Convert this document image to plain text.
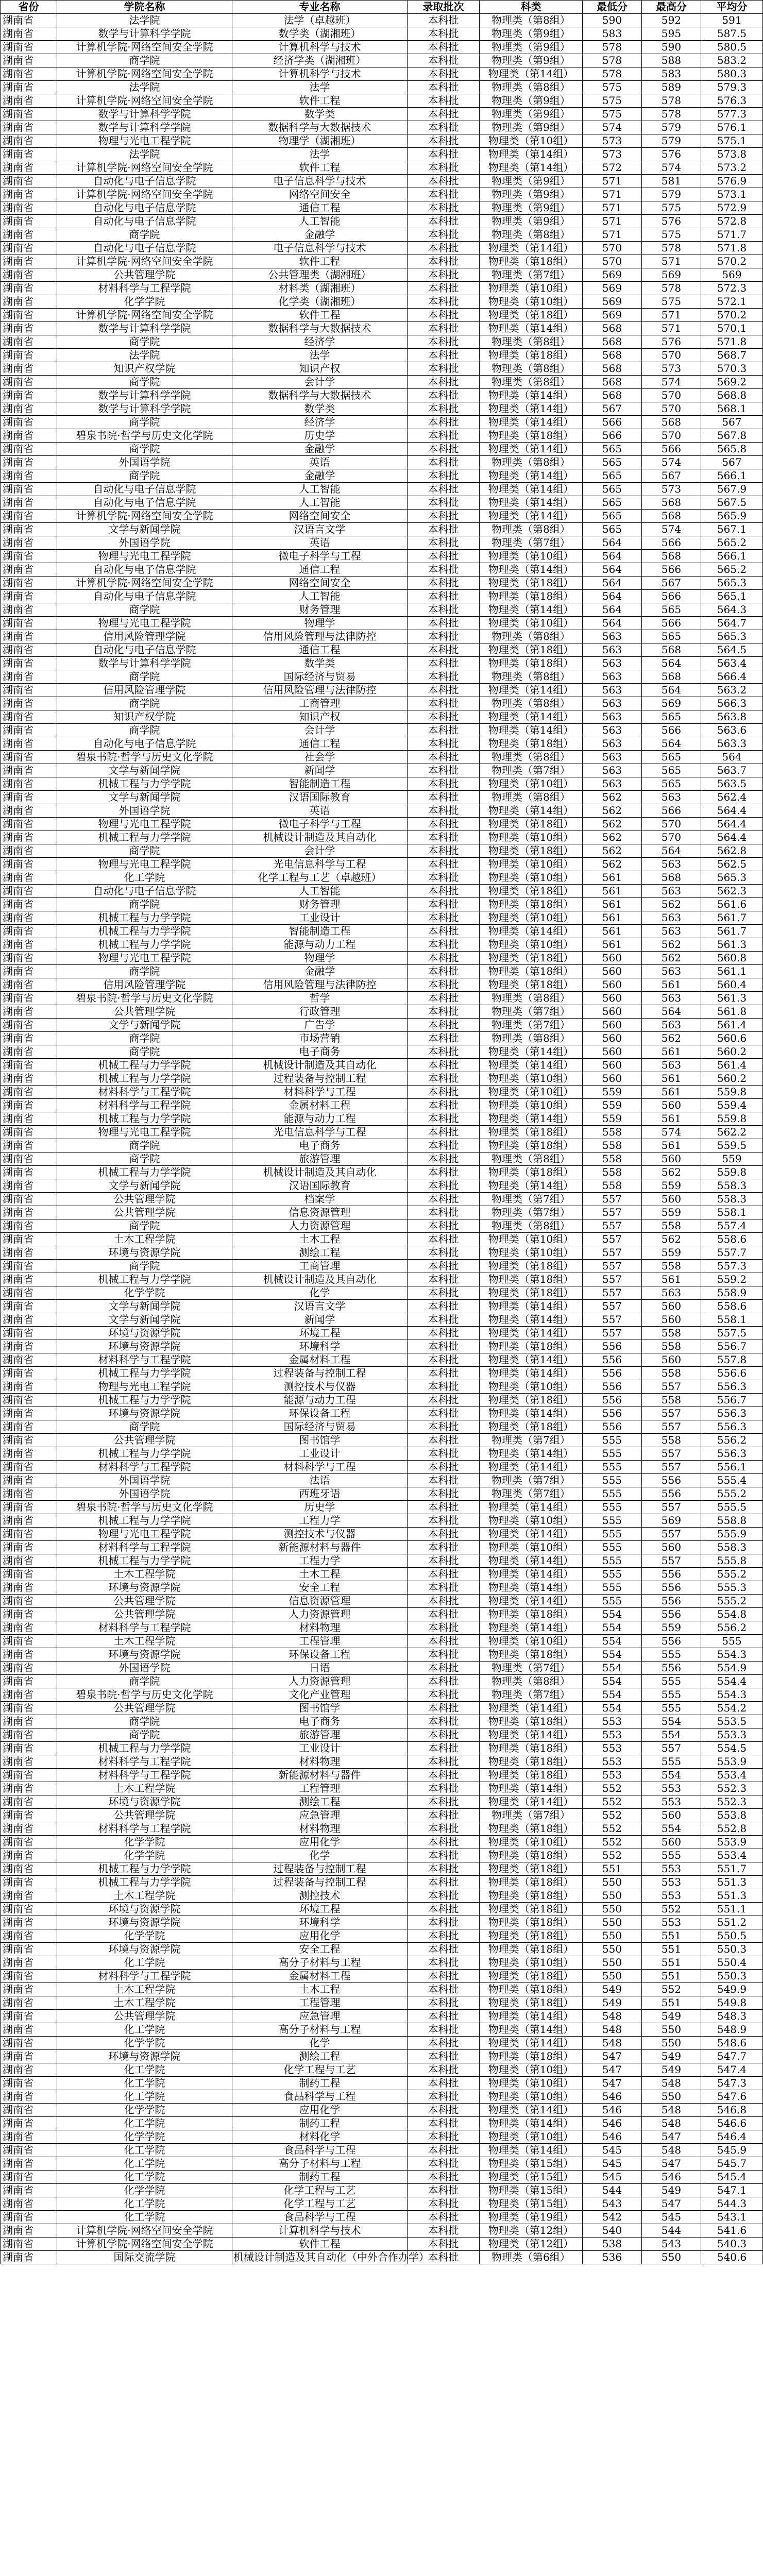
省份	学院名称	专业名称	录取批次	科类	最低分	最高分	平均分
湖南省	法学院	法学（卓越班）	本科批	物理类（第8组）	590	592	591
湖南省	数学与计算科学学院	数学类（湖湘班）	本科批	物理类（第9组）	583	595	587.5
湖南省	计算机学院·网络空间安全学院	计算机科学与技术	本科批	物理类（第9组）	578	590	580.5
湖南省	商学院	经济学类（湖湘班）	本科批	物理类（第9组）	578	588	583.2
湖南省	计算机学院·网络空间安全学院	计算机科学与技术	本科批	物理类（第14组）	578	583	580.3
湖南省	法学院	法学	本科批	物理类（第8组）	575	589	579.3
湖南省	计算机学院·网络空间安全学院	软件工程	本科批	物理类（第9组）	575	578	576.3
湖南省	数学与计算科学学院	数学类	本科批	物理类（第9组）	575	578	577.3
湖南省	数学与计算科学学院	数据科学与大数据技术	本科批	物理类（第9组）	574	579	576.1
湖南省	物理与光电工程学院	物理学（湖湘班）	本科批	物理类（第10组）	573	579	575.1
湖南省	法学院	法学	本科批	物理类（第14组）	573	576	573.8
湖南省	计算机学院·网络空间安全学院	软件工程	本科批	物理类（第14组）	572	574	573.2
湖南省	自动化与电子信息学院	电子信息科学与技术	本科批	物理类（第9组）	571	581	576.9
湖南省	计算机学院·网络空间安全学院	网络空间安全	本科批	物理类（第9组）	571	579	573.1
湖南省	自动化与电子信息学院	通信工程	本科批	物理类（第9组）	571	575	572.9
湖南省	自动化与电子信息学院	人工智能	本科批	物理类（第9组）	571	576	572.8
湖南省	商学院	金融学	本科批	物理类（第8组）	571	575	571.7
湖南省	自动化与电子信息学院	电子信息科学与技术	本科批	物理类（第14组）	570	578	571.8
湖南省	计算机学院·网络空间安全学院	软件工程	本科批	物理类（第18组）	570	571	570.2
湖南省	公共管理学院	公共管理类（湖湘班）	本科批	物理类（第7组）	569	569	569
湖南省	材料科学与工程学院	材料类（湖湘班）	本科批	物理类（第10组）	569	578	572.3
湖南省	化学学院	化学类（湖湘班）	本科批	物理类（第10组）	569	575	572.1
湖南省	计算机学院·网络空间安全学院	软件工程	本科批	物理类（第18组）	569	571	570.2
湖南省	数学与计算科学学院	数据科学与大数据技术	本科批	物理类（第14组）	568	571	570.1
湖南省	商学院	经济学	本科批	物理类（第8组）	568	576	571.8
湖南省	法学院	法学	本科批	物理类（第18组）	568	570	568.7
湖南省	知识产权学院	知识产权	本科批	物理类（第8组）	568	573	570.3
湖南省	商学院	会计学	本科批	物理类（第8组）	568	574	569.2
湖南省	数学与计算科学学院	数据科学与大数据技术	本科批	物理类（第14组）	568	570	568.8
湖南省	数学与计算科学学院	数学类	本科批	物理类（第14组）	567	570	568.1
湖南省	商学院	经济学	本科批	物理类（第14组）	566	568	567
湖南省	碧泉书院·哲学与历史文化学院	历史学	本科批	物理类（第18组）	566	570	567.8
湖南省	商学院	金融学	本科批	物理类（第14组）	565	566	565.8
湖南省	外国语学院	英语	本科批	物理类（第8组）	565	574	567
湖南省	商学院	金融学	本科批	物理类（第14组）	565	567	566.1
湖南省	自动化与电子信息学院	人工智能	本科批	物理类（第14组）	565	573	567.9
湖南省	自动化与电子信息学院	人工智能	本科批	物理类（第14组）	565	568	567.5
湖南省	计算机学院·网络空间安全学院	网络空间安全	本科批	物理类（第14组）	565	568	565.9
湖南省	文学与新闻学院	汉语言文学	本科批	物理类（第8组）	565	574	567.1
湖南省	外国语学院	英语	本科批	物理类（第7组）	564	566	565.2
湖南省	物理与光电工程学院	微电子科学与工程	本科批	物理类（第10组）	564	568	566.1
湖南省	自动化与电子信息学院	通信工程	本科批	物理类（第14组）	564	566	565.2
湖南省	计算机学院·网络空间安全学院	网络空间安全	本科批	物理类（第18组）	564	567	565.3
湖南省	自动化与电子信息学院	人工智能	本科批	物理类（第18组）	564	566	565.1
湖南省	商学院	财务管理	本科批	物理类（第14组）	564	565	564.3
湖南省	物理与光电工程学院	物理学	本科批	物理类（第10组）	564	566	564.7
湖南省	信用风险管理学院	信用风险管理与法律防控	本科批	物理类（第8组）	563	565	565.3
湖南省	自动化与电子信息学院	通信工程	本科批	物理类（第18组）	563	568	564.5
湖南省	数学与计算科学学院	数学类	本科批	物理类（第18组）	563	564	563.4
湖南省	商学院	国际经济与贸易	本科批	物理类（第8组）	563	568	566.4
湖南省	信用风险管理学院	信用风险管理与法律防控	本科批	物理类（第14组）	563	564	563.2
湖南省	商学院	工商管理	本科批	物理类（第8组）	563	569	566.3
湖南省	知识产权学院	知识产权	本科批	物理类（第14组）	563	565	563.8
湖南省	商学院	会计学	本科批	物理类（第14组）	563	566	563.6
湖南省	自动化与电子信息学院	通信工程	本科批	物理类（第18组）	563	564	563.3
湖南省	碧泉书院·哲学与历史文化学院	社会学	本科批	物理类（第8组）	563	565	564
湖南省	文学与新闻学院	新闻学	本科批	物理类（第7组）	563	565	563.7
湖南省	机械工程与力学学院	智能制造工程	本科批	物理类（第10组）	563	565	563.5
湖南省	文学与新闻学院	汉语国际教育	本科批	物理类（第8组）	562	563	562.4
湖南省	外国语学院	英语	本科批	物理类（第14组）	562	566	564.4
湖南省	物理与光电工程学院	微电子科学与工程	本科批	物理类（第18组）	562	570	564.4
湖南省	机械工程与力学学院	机械设计制造及其自动化	本科批	物理类（第10组）	562	570	564.4
湖南省	商学院	会计学	本科批	物理类（第18组）	562	564	562.8
湖南省	物理与光电工程学院	光电信息科学与工程	本科批	物理类（第10组）	562	563	562.5
湖南省	化工学院	化学工程与工艺（卓越班）	本科批	物理类（第10组）	561	568	565.3
湖南省	自动化与电子信息学院	人工智能	本科批	物理类（第18组）	561	563	562.3
湖南省	商学院	财务管理	本科批	物理类（第18组）	561	562	561.6
湖南省	机械工程与力学学院	工业设计	本科批	物理类（第10组）	561	563	561.7
湖南省	机械工程与力学学院	智能制造工程	本科批	物理类（第14组）	561	563	561.7
湖南省	机械工程与力学学院	能源与动力工程	本科批	物理类（第10组）	561	562	561.3
湖南省	物理与光电工程学院	物理学	本科批	物理类（第18组）	560	562	560.8
湖南省	商学院	金融学	本科批	物理类（第18组）	560	563	561.1
湖南省	信用风险管理学院	信用风险管理与法律防控	本科批	物理类（第18组）	560	561	560.4
湖南省	碧泉书院·哲学与历史文化学院	哲学	本科批	物理类（第8组）	560	563	561.3
湖南省	公共管理学院	行政管理	本科批	物理类（第7组）	560	564	561.8
湖南省	文学与新闻学院	广告学	本科批	物理类（第7组）	560	563	561.4
湖南省	商学院	市场营销	本科批	物理类（第8组）	560	562	560.6
湖南省	商学院	电子商务	本科批	物理类（第14组）	560	561	560.2
湖南省	机械工程与力学学院	机械设计制造及其自动化	本科批	物理类（第14组）	560	563	561.4
湖南省	机械工程与力学学院	过程装备与控制工程	本科批	物理类（第10组）	560	561	560.2
湖南省	材料科学与工程学院	材料科学与工程	本科批	物理类（第10组）	559	561	559.8
湖南省	材料科学与工程学院	金属材料工程	本科批	物理类（第10组）	559	560	559.4
湖南省	机械工程与力学学院	能源与动力工程	本科批	物理类（第14组）	559	561	559.8
湖南省	物理与光电工程学院	光电信息科学与工程	本科批	物理类（第18组）	558	574	562.2
湖南省	商学院	电子商务	本科批	物理类（第18组）	558	561	559.5
湖南省	商学院	旅游管理	本科批	物理类（第8组）	558	560	559
湖南省	机械工程与力学学院	机械设计制造及其自动化	本科批	物理类（第18组）	558	562	559.8
湖南省	文学与新闻学院	汉语国际教育	本科批	物理类（第14组）	558	559	558.3
湖南省	公共管理学院	档案学	本科批	物理类（第7组）	557	560	558.3
湖南省	公共管理学院	信息资源管理	本科批	物理类（第7组）	557	559	558.1
湖南省	商学院	人力资源管理	本科批	物理类（第8组）	557	558	557.4
湖南省	土木工程学院	土木工程	本科批	物理类（第10组）	557	562	558.6
湖南省	环境与资源学院	测绘工程	本科批	物理类（第10组）	557	559	557.7
湖南省	商学院	工商管理	本科批	物理类（第18组）	557	558	557.3
湖南省	机械工程与力学学院	机械设计制造及其自动化	本科批	物理类（第18组）	557	561	559.2
湖南省	化学学院	化学	本科批	物理类（第18组）	557	563	558.9
湖南省	文学与新闻学院	汉语言文学	本科批	物理类（第14组）	557	560	558.6
湖南省	文学与新闻学院	新闻学	本科批	物理类（第14组）	557	560	558.1
湖南省	环境与资源学院	环境工程	本科批	物理类（第14组）	557	558	557.5
湖南省	环境与资源学院	环境科学	本科批	物理类（第18组）	556	558	556.7
湖南省	材料科学与工程学院	金属材料工程	本科批	物理类（第14组）	556	560	557.8
湖南省	机械工程与力学学院	过程装备与控制工程	本科批	物理类（第14组）	556	558	556.6
湖南省	物理与光电工程学院	测控技术与仪器	本科批	物理类（第10组）	556	557	556.3
湖南省	机械工程与力学学院	能源与动力工程	本科批	物理类（第18组）	556	558	556.7
湖南省	环境与资源学院	环保设备工程	本科批	物理类（第14组）	556	557	556.3
湖南省	商学院	国际经济与贸易	本科批	物理类（第18组）	556	557	556.3
湖南省	公共管理学院	图书馆学	本科批	物理类（第7组）	555	558	556.2
湖南省	机械工程与力学学院	工业设计	本科批	物理类（第14组）	555	557	556.3
湖南省	材料科学与工程学院	材料科学与工程	本科批	物理类（第14组）	555	557	556.1
湖南省	外国语学院	法语	本科批	物理类（第7组）	555	556	555.4
湖南省	外国语学院	西班牙语	本科批	物理类（第7组）	555	556	555.2
湖南省	碧泉书院·哲学与历史文化学院	历史学	本科批	物理类（第14组）	555	557	555.5
湖南省	机械工程与力学学院	工程力学	本科批	物理类（第10组）	555	569	558.8
湖南省	物理与光电工程学院	测控技术与仪器	本科批	物理类（第14组）	555	557	555.9
湖南省	材料科学与工程学院	新能源材料与器件	本科批	物理类（第10组）	555	560	558.3
湖南省	机械工程与力学学院	工程力学	本科批	物理类（第14组）	555	557	555.8
湖南省	土木工程学院	土木工程	本科批	物理类（第14组）	555	556	555.2
湖南省	环境与资源学院	安全工程	本科批	物理类（第14组）	555	556	555.3
湖南省	公共管理学院	信息资源管理	本科批	物理类（第14组）	555	556	555.2
湖南省	公共管理学院	人力资源管理	本科批	物理类（第18组）	554	556	554.8
湖南省	材料科学与工程学院	材料物理	本科批	物理类（第14组）	554	559	556.2
湖南省	土木工程学院	工程管理	本科批	物理类（第10组）	554	556	555
湖南省	环境与资源学院	环保设备工程	本科批	物理类（第18组）	554	555	554.3
湖南省	外国语学院	日语	本科批	物理类（第7组）	554	556	554.9
湖南省	商学院	人力资源管理	本科批	物理类（第8组）	554	555	554.4
湖南省	碧泉书院·哲学与历史文化学院	文化产业管理	本科批	物理类（第7组）	554	555	554.3
湖南省	公共管理学院	图书馆学	本科批	物理类（第14组）	554	555	554.2
湖南省	商学院	电子商务	本科批	物理类（第18组）	553	554	553.5
湖南省	商学院	旅游管理	本科批	物理类（第14组）	553	554	553.3
湖南省	机械工程与力学学院	工业设计	本科批	物理类（第18组）	553	557	554.5
湖南省	材料科学与工程学院	材料物理	本科批	物理类（第18组）	553	555	553.9
湖南省	材料科学与工程学院	新能源材料与器件	本科批	物理类（第18组）	553	554	553.4
湖南省	土木工程学院	工程管理	本科批	物理类（第14组）	552	553	552.3
湖南省	环境与资源学院	测绘工程	本科批	物理类（第14组）	552	553	552.3
湖南省	公共管理学院	应急管理	本科批	物理类（第7组）	552	560	553.8
湖南省	材料科学与工程学院	材料物理	本科批	物理类（第18组）	552	554	552.8
湖南省	化学学院	应用化学	本科批	物理类（第10组）	552	560	553.9
湖南省	化学学院	化学	本科批	物理类（第18组）	552	555	553.4
湖南省	机械工程与力学学院	过程装备与控制工程	本科批	物理类（第18组）	551	553	551.7
湖南省	机械工程与力学学院	过程装备与控制工程	本科批	物理类（第18组）	550	553	551.3
湖南省	土木工程学院	测控技术	本科批	物理类（第18组）	550	553	551.3
湖南省	环境与资源学院	环境工程	本科批	物理类（第18组）	550	552	551.1
湖南省	环境与资源学院	环境科学	本科批	物理类（第18组）	550	553	551.2
湖南省	化学学院	应用化学	本科批	物理类（第18组）	550	551	550.5
湖南省	环境与资源学院	安全工程	本科批	物理类（第18组）	550	551	550.3
湖南省	化工学院	高分子材料与工程	本科批	物理类（第10组）	550	551	550.4
湖南省	材料科学与工程学院	金属材料工程	本科批	物理类（第18组）	550	551	550.3
湖南省	土木工程学院	土木工程	本科批	物理类（第18组）	549	552	549.9
湖南省	土木工程学院	工程管理	本科批	物理类（第18组）	549	551	549.8
湖南省	公共管理学院	应急管理	本科批	物理类（第14组）	548	549	548.3
湖南省	化工学院	高分子材料与工程	本科批	物理类（第14组）	548	550	548.9
湖南省	化学学院	化学	本科批	物理类（第14组）	548	550	548.6
湖南省	环境与资源学院	测绘工程	本科批	物理类（第18组）	547	549	547.7
湖南省	化工学院	化学工程与工艺	本科批	物理类（第10组）	547	549	547.4
湖南省	化工学院	制药工程	本科批	物理类（第10组）	547	548	547.3
湖南省	化工学院	食品科学与工程	本科批	物理类（第10组）	546	550	547.6
湖南省	化学学院	应用化学	本科批	物理类（第14组）	546	548	546.8
湖南省	化工学院	制药工程	本科批	物理类（第14组）	546	548	546.6
湖南省	化学学院	材料化学	本科批	物理类（第10组）	546	547	546.4
湖南省	化工学院	食品科学与工程	本科批	物理类（第14组）	545	548	545.9
湖南省	化工学院	高分子材料与工程	本科批	物理类（第15组）	545	547	545.7
湖南省	化工学院	制药工程	本科批	物理类（第15组）	545	546	545.4
湖南省	化学学院	化学工程与工艺	本科批	物理类（第15组）	544	549	547.1
湖南省	化工学院	化学工程与工艺	本科批	物理类（第15组）	543	547	544.3
湖南省	化工学院	食品科学与工程	本科批	物理类（第19组）	542	545	543.1
湖南省	计算机学院·网络空间安全学院	计算机科学与技术	本科批	物理类（第12组）	540	544	541.6
湖南省	计算机学院·网络空间安全学院	软件工程	本科批	物理类（第12组）	538	543	540.3
湖南省	国际交流学院	机械设计制造及其自动化（中外合作办学）	本科批	物理类（第6组）	536	550	540.6
